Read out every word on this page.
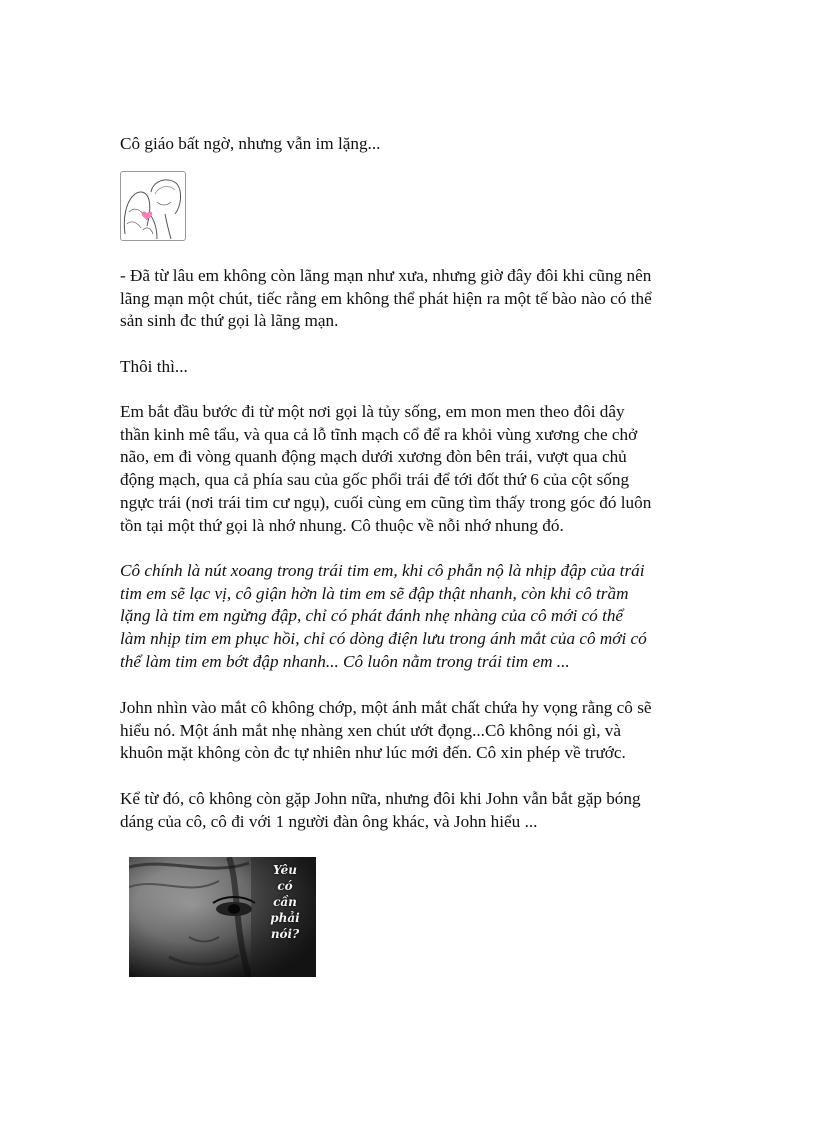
Cô giáo bất ngờ, nhưng vẫn im lặng...

- Đã từ lâu em không còn lãng mạn như xưa, nhưng giờ đây đôi khi cũng nên
lãng mạn một chút, tiếc rằng em không thể phát hiện ra một tế bào nào có thể
sản sinh đc thứ gọi là lãng mạn.

Thôi thì...

Em bắt đầu bước đi từ một nơi gọi là tủy sống, em mon men theo đôi dây
thần kinh mê tẩu, và qua cả lỗ tĩnh mạch cổ để ra khỏi vùng xương che chở
não, em đi vòng quanh động mạch dưới xương đòn bên trái, vượt qua chủ
động mạch, qua cả phía sau của gốc phổi trái để tới đốt thứ 6 của cột sống
ngực trái (nơi trái tim cư ngụ), cuối cùng em cũng tìm thấy trong góc đó luôn
tồn tại một thứ gọi là nhớ nhung. Cô thuộc về nỗi nhớ nhung đó.

Cô chính là nút xoang trong trái tim em, khi cô phẫn nộ là nhịp đập của trái
tim em sẽ lạc vị, cô giận hờn là tim em sẽ đập thật nhanh, còn khi cô trầm
lặng là tim em ngừng đập, chỉ có phát đánh nhẹ nhàng của cô mới có thể
làm nhịp tim em phục hồi, chỉ có dòng điện lưu trong ánh mắt của cô mới có
thể làm tim em bớt đập nhanh... Cô luôn nằm trong trái tim em ...

John nhìn vào mắt cô không chớp, một ánh mắt chất chứa hy vọng rằng cô sẽ
hiểu nó. Một ánh mắt nhẹ nhàng xen chút ướt đọng...Cô không nói gì, và
khuôn mặt không còn đc tự nhiên như lúc mới đến. Cô xin phép về trước.

Kể từ đó, cô không còn gặp John nữa, nhưng đôi khi John vẫn bắt gặp bóng
dáng của cô, cô đi với 1 người đàn ông khác, và John hiểu ...

Yêu
có
cần
phải
nói?
